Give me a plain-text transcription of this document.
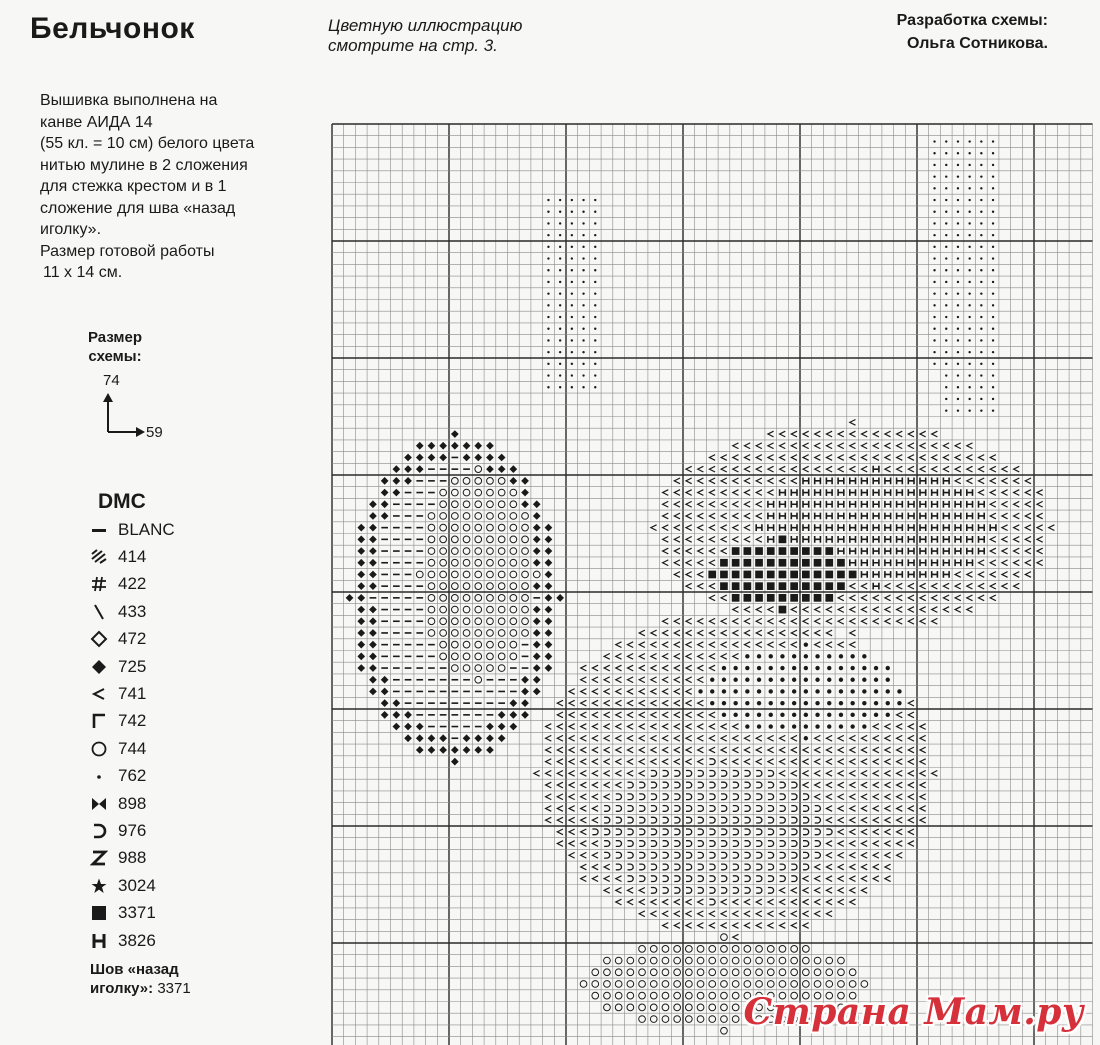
Бельчонок	Цветную иллюстрацию
смотрите на стр. 3.
Разработка схемы:
Ольга Сотникова.
Вышивка выполнена на
канве АИДА 14
(55 кл. = 10 см) белого цвета
нитью мулине в 2 сложения
для стежка крестом и в 1
сложение для шва «назад
иголку».
Размер готовой работы
11 х 14 см.
Размер
схемы:
74
59
DMC
BLANC
414
422
433
472
725
741
742
744
762
898
976
988
3024
3371
3826
Шов «назад
иголку»: 3371
Страна Мам.ру
